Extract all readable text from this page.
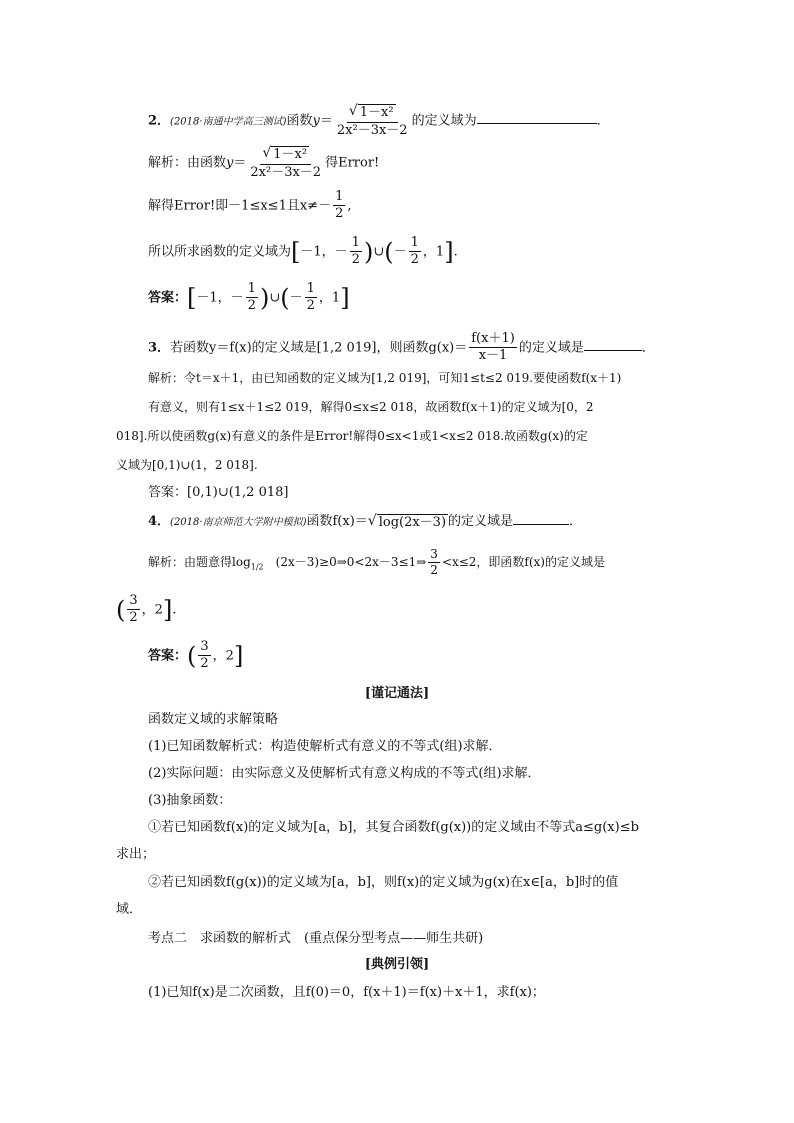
2．(2018·南通中学高三测试)函数$y= \frac{\text{√ 1－x²}}{\text{2x²－3x－2}}$ 的定义域为	．
解析：由函数$y= \frac{\text{√ 1－x²}}{\text{2x²－3x－2}}$ 得Error!
解得Error!即－1≤x≤1且$x\ne- \frac{1}{2}$ ,
所以所求函数的定义域为[－1，－ $\frac{1}{2}$ )∪(－ $\frac{1}{2}$ ，1].
答案：[－1，－ $\frac{1}{2}$ )∪(－ $\frac{1}{2}$ ，1]
3．若函数y＝f(x)的定义域是[1,2 019]，则函数$g(x)= \frac{f(x+1)}{x-1}$ 的定义域是	．
解析：令t＝x＋1，由已知函数的定义域为[1,2 019]，可知1≤t≤2 019.要使函数f(x＋1)
有意义，则有1≤x＋1≤2 019，解得0≤x≤2 018，故函数f(x＋1)的定义域为[0，2
018].所以使函数g(x)有意义的条件是Error!解得0≤x<1或1<x≤2 018.故函数g(x)的定
义域为[0,1)∪(1，2 018].
答案：[0,1)∪(1,2 018]
4．(2018·南京师范大学附中模拟)函数f(x)＝ √ log(2x－3) 的定义域是	．
解析：由题意得$\log_{1/2}$　 (2x－3)≥0⇒0<2x－3≤1⇒ $\frac{3}{2} <x\le 2$，即函数f(x)的定义域是
( $\frac{3}{2}$ ，2].
答案：( $\frac{3}{2}$ ，2]
[谨记通法]
函数定义域的求解策略
(1)已知函数解析式：构造使解析式有意义的不等式(组)求解．
(2)实际问题：由实际意义及使解析式有意义构成的不等式(组)求解．
(3)抽象函数：
①若已知函数f(x)的定义域为[a，b]，其复合函数f(g(x))的定义域由不等式a≤g(x)≤b
求出；
②若已知函数f(g(x))的定义域为[a，b]，则f(x)的定义域为g(x)在x∈[a，b]时的值
域．
考点二　求函数的解析式　(重点保分型考点——师生共研)
[典例引领]
(1)已知f(x)是二次函数，且f(0)＝0，f(x＋1)＝f(x)＋x＋1，求f(x)；
